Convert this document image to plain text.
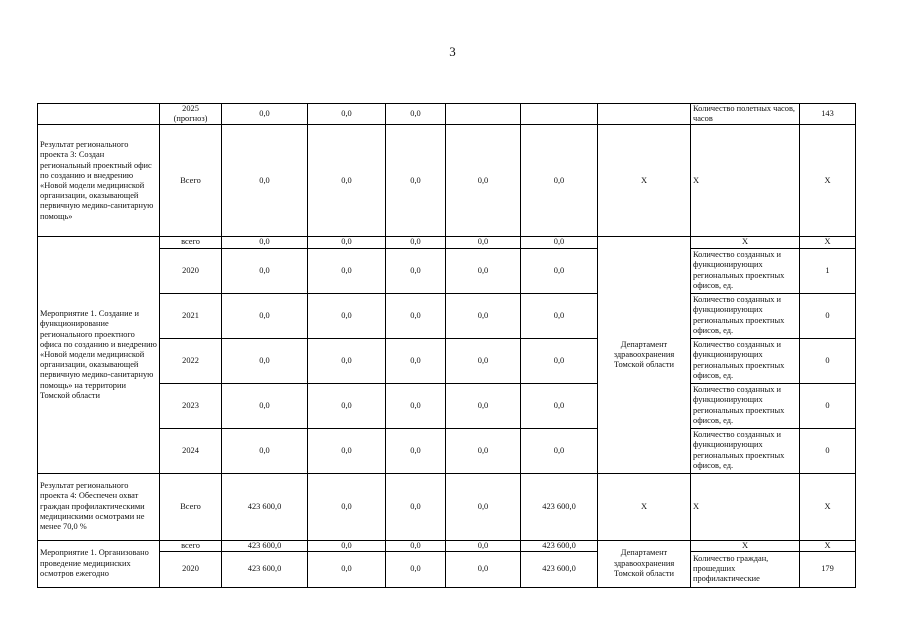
3
	2025
(прогноз)	0,0	0,0	0,0				Количество полетных часов, часов	143
Результат регионального проекта 3: Создан региональный проектный офис по созданию и внедрению «Новой модели медицинской организации, оказывающей первичную медико-санитарную помощь»	Всего	0,0	0,0	0,0	0,0	0,0	Х	Х	Х
Мероприятие 1. Создание и функционирование регионального проектного офиса по созданию и внедрению «Новой модели медицинской организации, оказывающей первичную медико-санитарную помощь» на территории Томской области	всего	0,0	0,0	0,0	0,0	0,0	Департамент здравоохранения Томской области	Х	Х
	2020	0,0	0,0	0,0	0,0	0,0		Количество созданных и функционирующих региональных проектных офисов, ед.	1
	2021	0,0	0,0	0,0	0,0	0,0		Количество созданных и функционирующих региональных проектных офисов, ед.	0
	2022	0,0	0,0	0,0	0,0	0,0		Количество созданных и функционирующих региональных проектных офисов, ед.	0
	2023	0,0	0,0	0,0	0,0	0,0		Количество созданных и функционирующих региональных проектных офисов, ед.	0
	2024	0,0	0,0	0,0	0,0	0,0		Количество созданных и функционирующих региональных проектных офисов, ед.	0
Результат регионального проекта 4: Обеспечен охват граждан профилактическими медицинскими осмотрами не менее 70,0 %	Всего	423 600,0	0,0	0,0	0,0	423 600,0	Х	Х	Х
Мероприятие 1. Организовано проведение медицинских осмотров ежегодно	всего	423 600,0	0,0	0,0	0,0	423 600,0	Департамент здравоохранения Томской области	Х	Х
	2020	423 600,0	0,0	0,0	0,0	423 600,0		Количество граждан, прошедших профилактические	179
